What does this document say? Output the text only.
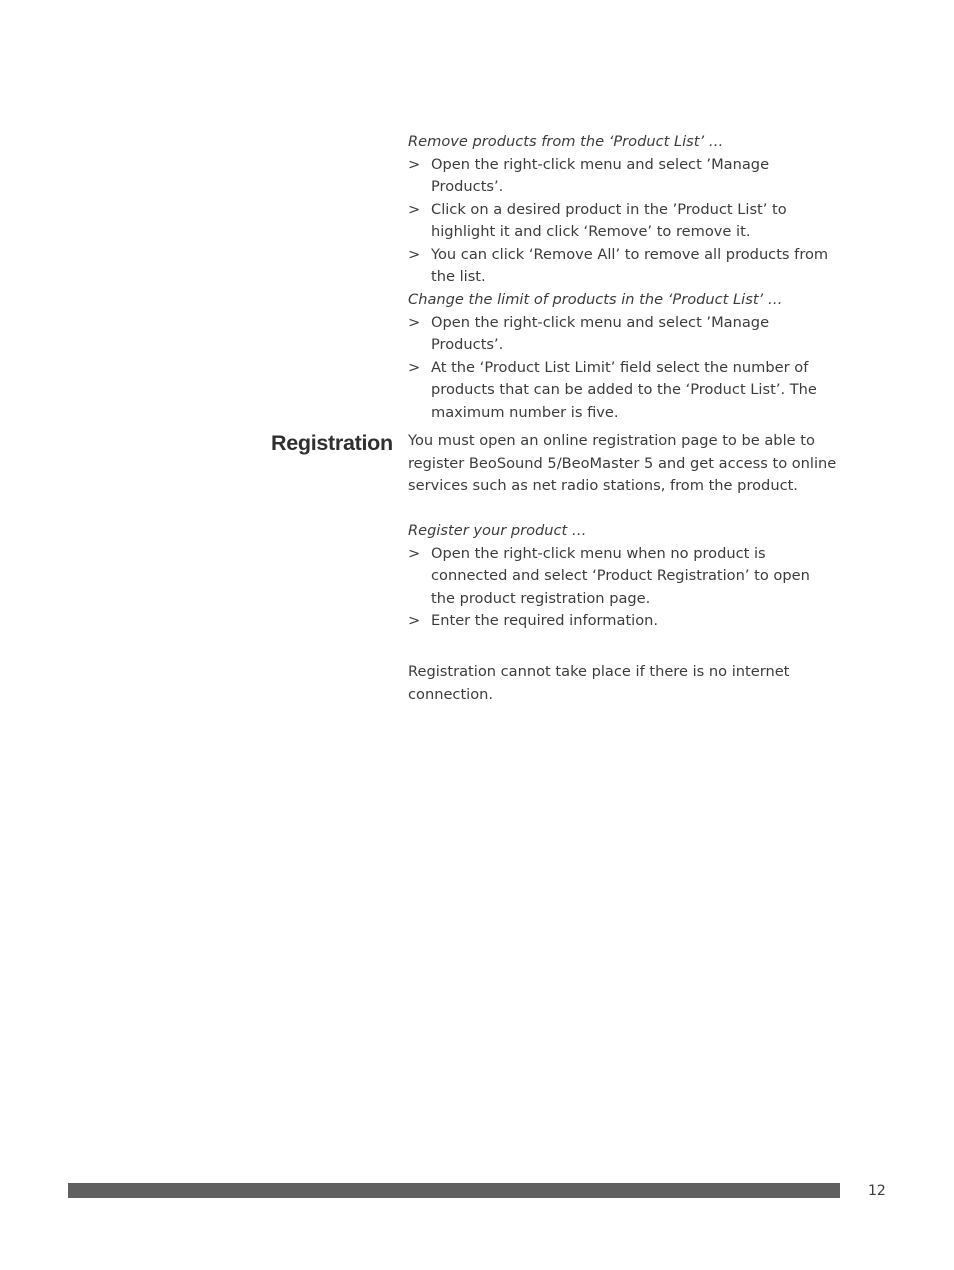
Remove products from the ‘Product List’ …

> Open the right-click menu and select ’Manage Products’.
> Click on a desired product in the ’Product List’ to highlight it and click ‘Remove’ to remove it.
> You can click ‘Remove All’ to remove all products from the list.

Change the limit of products in the ‘Product List’ …

> Open the right-click menu and select ’Manage Products’.
> At the ‘Product List Limit’ field select the number of products that can be added to the ‘Product List’. The maximum number is five.
Registration You must open an online registration page to be able to register BeoSound 5/BeoMaster 5 and get access to online services such as net radio stations, from the product.

Register your product …

> Open the right-click menu when no product is connected and select ‘Product Registration’ to open the product registration page.
> Enter the required information.

Registration cannot take place if there is no internet connection.

12
